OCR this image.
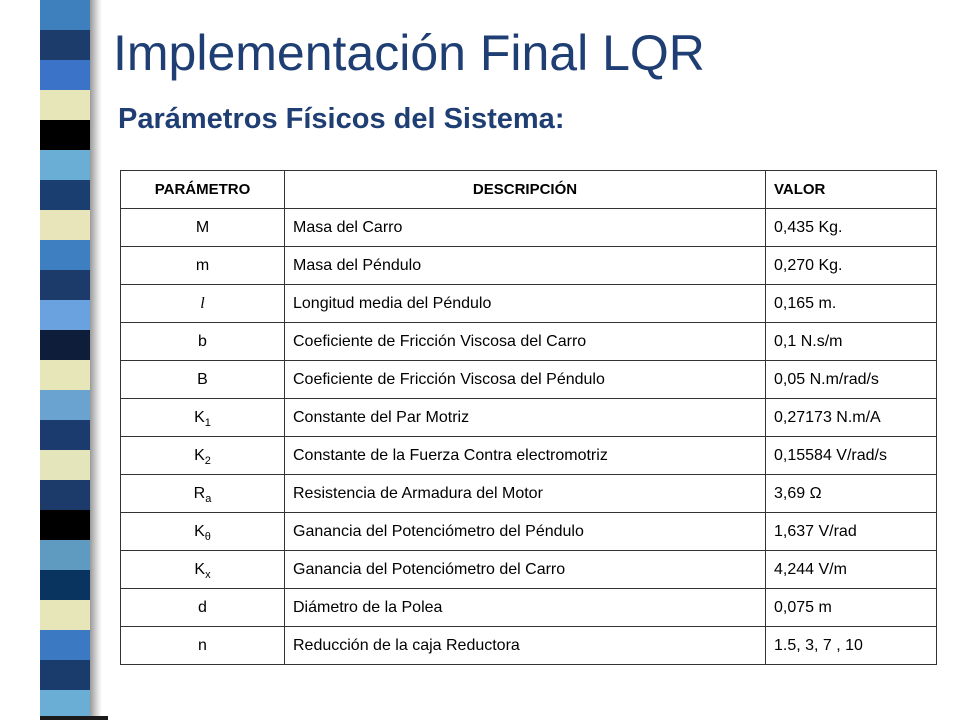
Implementación Final LQR
Parámetros Físicos del Sistema:
PARÁMETRO	DESCRIPCIÓN	VALOR
M	Masa del Carro	0,435 Kg.
m	Masa del Péndulo	0,270 Kg.
l	Longitud media del Péndulo	0,165 m.
b	Coeficiente de Fricción Viscosa del Carro	0,1 N.s/m
B	Coeficiente de Fricción Viscosa del Péndulo	0,05 N.m/rad/s
$K_1$	Constante del Par Motriz	0,27173 N.m/A
$K_2$	Constante de la Fuerza Contra electromotriz	0,15584 V/rad/s
$R_a$	Resistencia de Armadura del Motor	3,69 Ω
$K_\theta$	Ganancia del Potenciómetro del Péndulo	1,637 V/rad
$K_x$	Ganancia del Potenciómetro del Carro	4,244 V/m
d	Diámetro de la Polea	0,075 m
n	Reducción de la caja Reductora	1.5, 3, 7 , 10
